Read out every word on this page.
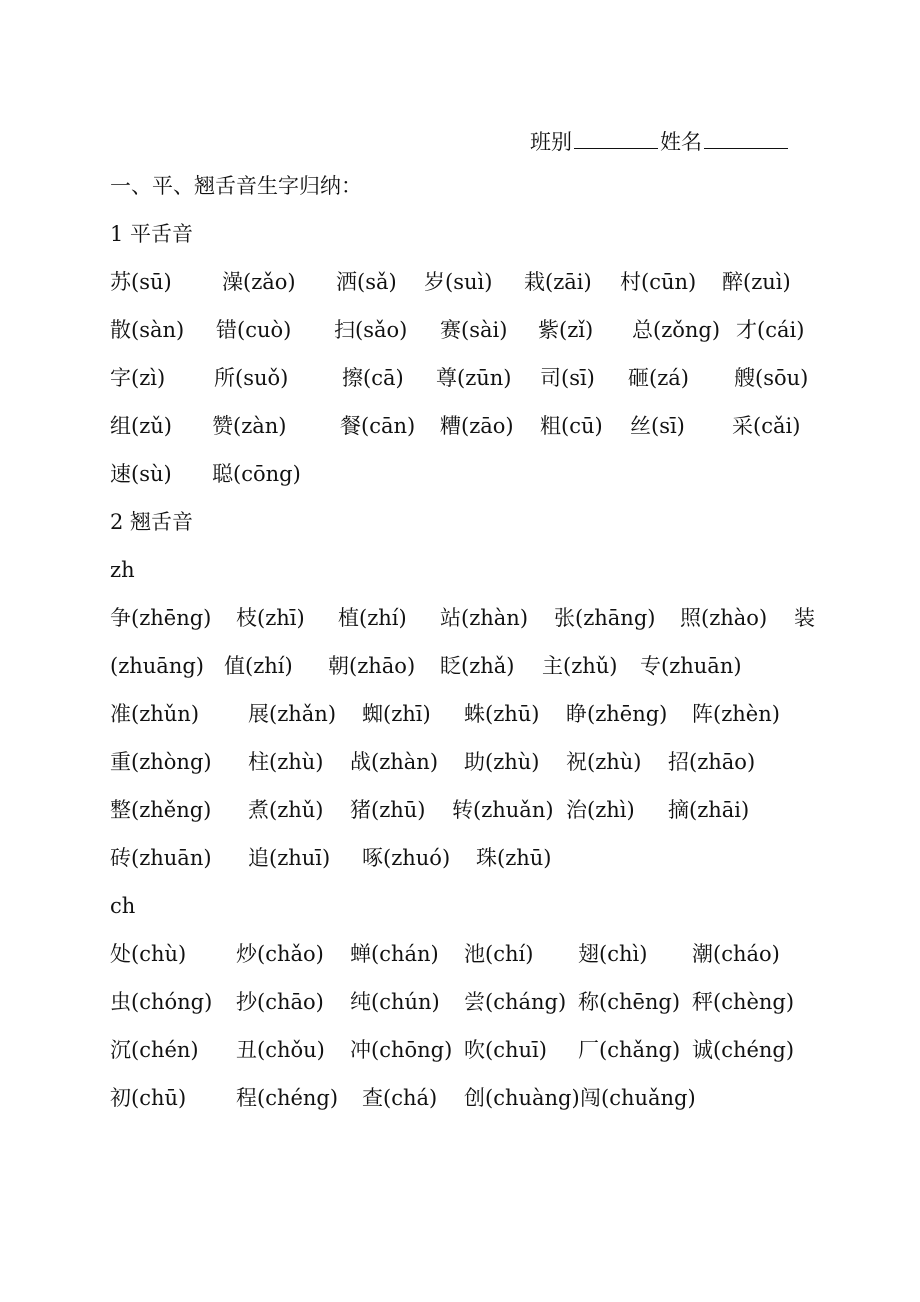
班别	姓名
一、平、翘舌音生字归纳：
1 平舌音
苏(sū) 澡(zǎo) 洒(sǎ) 岁(suì) 栽(zāi) 村(cūn) 醉(zuì)
散(sàn) 错(cuò) 扫(sǎo) 赛(sài) 紫(zǐ) 总(zǒng) 才(cái)
字(zì) 所(suǒ)	擦(cā) 尊(zūn) 司(sī) 砸(zá) 艘(sōu)
组(zǔ) 赞(zàn)	餐(cān) 糟(zāo) 粗(cū) 丝(sī) 采(cǎi)
速(sù) 聪(cōng)
2 翘舌音
zh
争(zhēng) 枝(zhī) 植(zhí) 站(zhàn) 张(zhāng) 照(zhào) 装
(zhuāng) 值(zhí) 朝(zhāo) 眨(zhǎ) 主(zhǔ) 专(zhuān)
准(zhǔn) 展(zhǎn) 蜘(zhī) 蛛(zhū) 睁(zhēng) 阵(zhèn)
重(zhòng) 柱(zhù) 战(zhàn) 助(zhù) 祝(zhù) 招(zhāo)
整(zhěng) 煮(zhǔ) 猪(zhū) 转(zhuǎn) 治(zhì) 摘(zhāi)
砖(zhuān) 追(zhuī) 啄(zhuó) 珠(zhū)
ch
处(chù) 炒(chǎo) 蝉(chán) 池(chí) 翅(chì) 潮(cháo)
虫(chóng) 抄(chāo) 纯(chún) 尝(cháng) 称(chēng) 秤(chèng)
沉(chén) 丑(chǒu) 冲(chōng) 吹(chuī) 厂(chǎng) 诚(chéng)
初(chū) 程(chéng) 查(chá) 创(chuàng) 闯(chuǎng)
